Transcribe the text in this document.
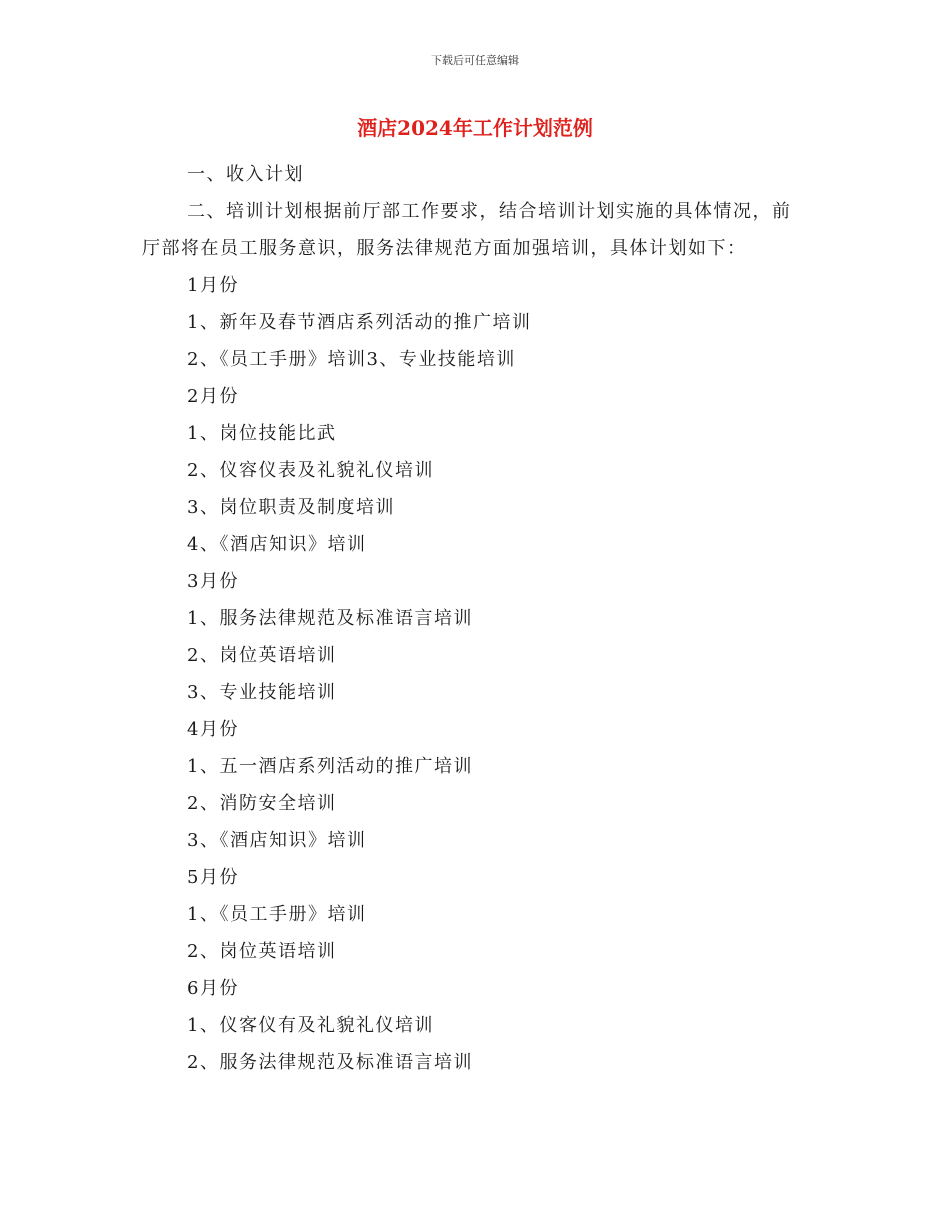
下载后可任意编辑
酒店2024年工作计划范例

一、收入计划

二、培训计划根据前厅部工作要求，结合培训计划实施的具体情况，前厅部将在员工服务意识，服务法律规范方面加强培训，具体计划如下：

1月份

1、新年及春节酒店系列活动的推广培训

2、《员工手册》培训3、专业技能培训

2月份

1、岗位技能比武

2、仪容仪表及礼貌礼仪培训

3、岗位职责及制度培训

4、《酒店知识》培训

3月份

1、服务法律规范及标准语言培训

2、岗位英语培训

3、专业技能培训

4月份

1、五一酒店系列活动的推广培训

2、消防安全培训

3、《酒店知识》培训

5月份

1、《员工手册》培训

2、岗位英语培训

6月份

1、仪客仪有及礼貌礼仪培训

2、服务法律规范及标准语言培训
